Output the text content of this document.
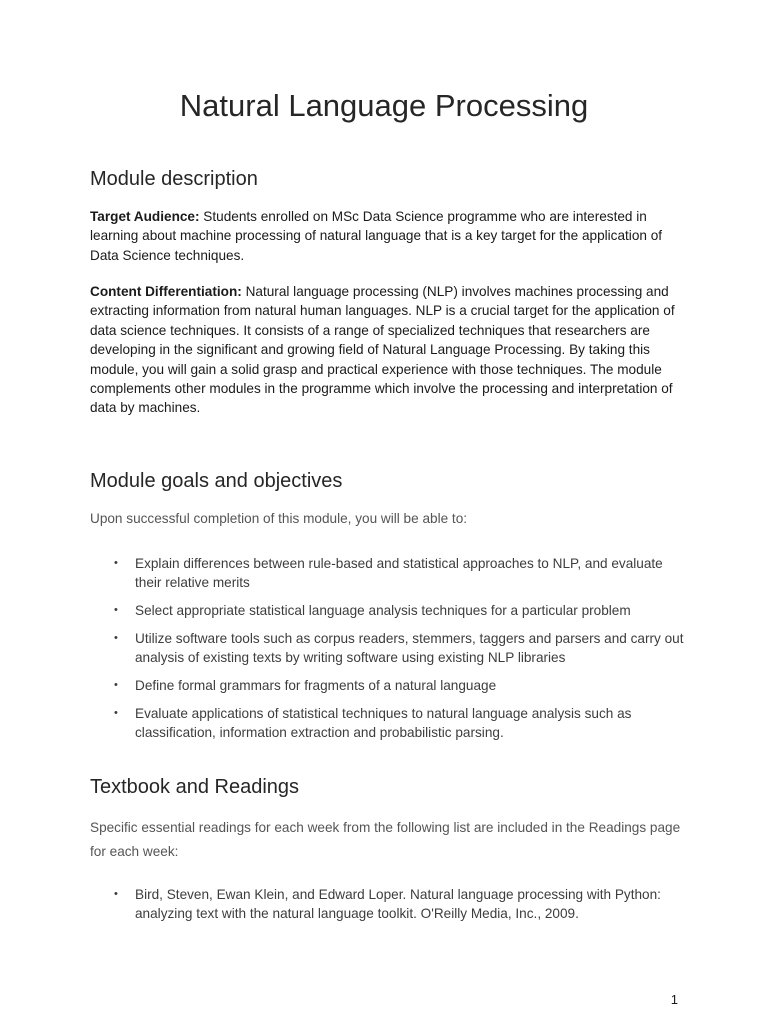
Natural Language Processing
Module description

Target Audience: Students enrolled on MSc Data Science programme who are interested in learning about machine processing of natural language that is a key target for the application of Data Science techniques.

Content Differentiation: Natural language processing (NLP) involves machines processing and extracting information from natural human languages. NLP is a crucial target for the application of data science techniques. It consists of a range of specialized techniques that researchers are developing in the significant and growing field of Natural Language Processing. By taking this module, you will gain a solid grasp and practical experience with those techniques. The module complements other modules in the programme which involve the processing and interpretation of data by machines.

Module goals and objectives

Upon successful completion of this module, you will be able to:

• Explain differences between rule-based and statistical approaches to NLP, and evaluate their relative merits
• Select appropriate statistical language analysis techniques for a particular problem
• Utilize software tools such as corpus readers, stemmers, taggers and parsers and carry out analysis of existing texts by writing software using existing NLP libraries
• Define formal grammars for fragments of a natural language
• Evaluate applications of statistical techniques to natural language analysis such as classification, information extraction and probabilistic parsing.
Textbook and Readings

Specific essential readings for each week from the following list are included in the Readings page for each week:

• Bird, Steven, Ewan Klein, and Edward Loper. Natural language processing with Python: analyzing text with the natural language toolkit. O'Reilly Media, Inc., 2009.
1
